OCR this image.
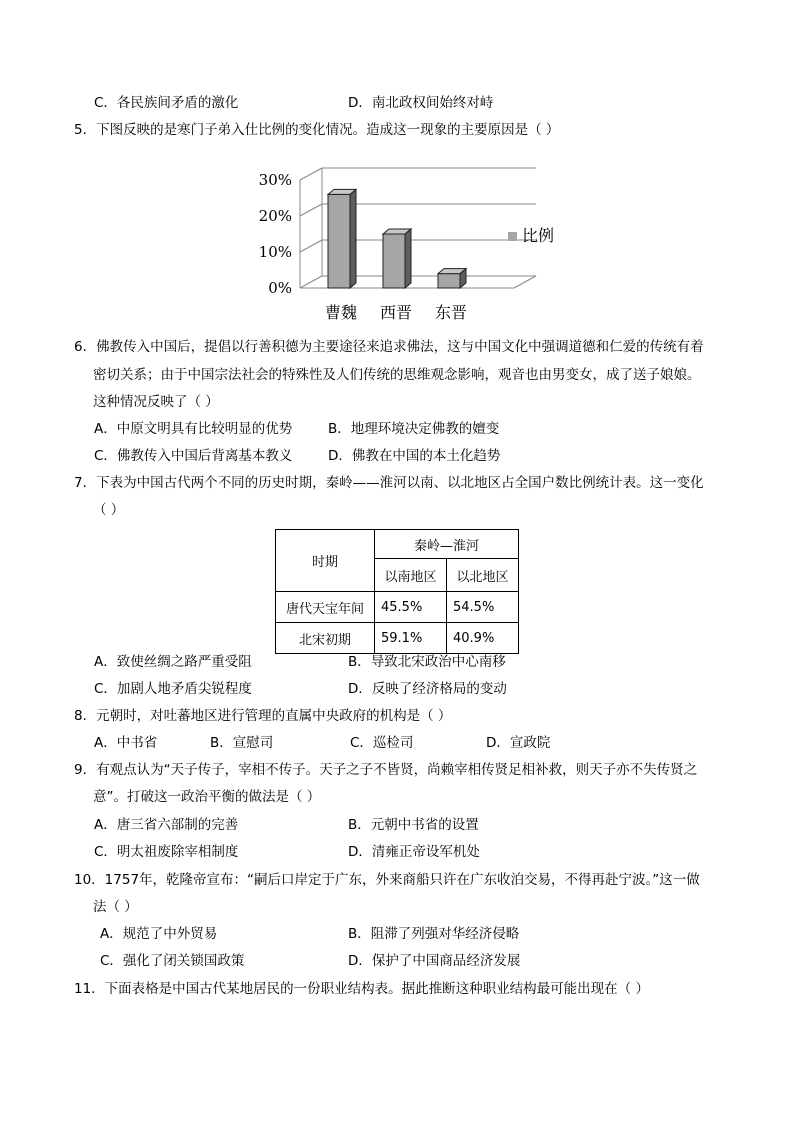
C．各民族间矛盾的激化	D．南北政权间始终对峙
5．下图反映的是寒门子弟入仕比例的变化情况。造成这一现象的主要原因是（ ）
0%
10%
20%
30%
曹魏 西晋 东晋
比例
6．佛教传入中国后，提倡以行善积德为主要途径来追求佛法，这与中国文化中强调道德和仁爱的传统有着
密切关系；由于中国宗法社会的特殊性及人们传统的思维观念影响，观音也由男变女，成了送子娘娘。
这种情况反映了（ ）
A．中原文明具有比较明显的优势	B．地理环境决定佛教的嬗变
C．佛教传入中国后背离基本教义	D．佛教在中国的本土化趋势
7．下表为中国古代两个不同的历史时期，秦岭——淮河以南、以北地区占全国户数比例统计表。这一变化
（ ）
时期	秦岭—淮河	
	以南地区	以北地区
唐代天宝年间	45.5%	54.5%
北宋初期	59.1%	40.9%
A．致使丝绸之路严重受阻	B．导致北宋政治中心南移
C．加剧人地矛盾尖锐程度	D．反映了经济格局的变动
8．元朝时，对吐蕃地区进行管理的直属中央政府的机构是（ ）
A．中书省	B．宣慰司	C．巡检司	D．宣政院
9．有观点认为“天子传子，宰相不传子。天子之子不皆贤，尚赖宰相传贤足相补救，则天子亦不失传贤之
意”。打破这一政治平衡的做法是（ ）
A．唐三省六部制的完善	B．元朝中书省的设置
C．明太祖废除宰相制度	D．清雍正帝设军机处
10．1757年，乾隆帝宣布：“嗣后口岸定于广东，外来商船只许在广东收泊交易，不得再赴宁波。”这一做
法（ ）
A．规范了中外贸易	B．阻滞了列强对华经济侵略
C．强化了闭关锁国政策	D．保护了中国商品经济发展
11．下面表格是中国古代某地居民的一份职业结构表。据此推断这种职业结构最可能出现在（ ）
